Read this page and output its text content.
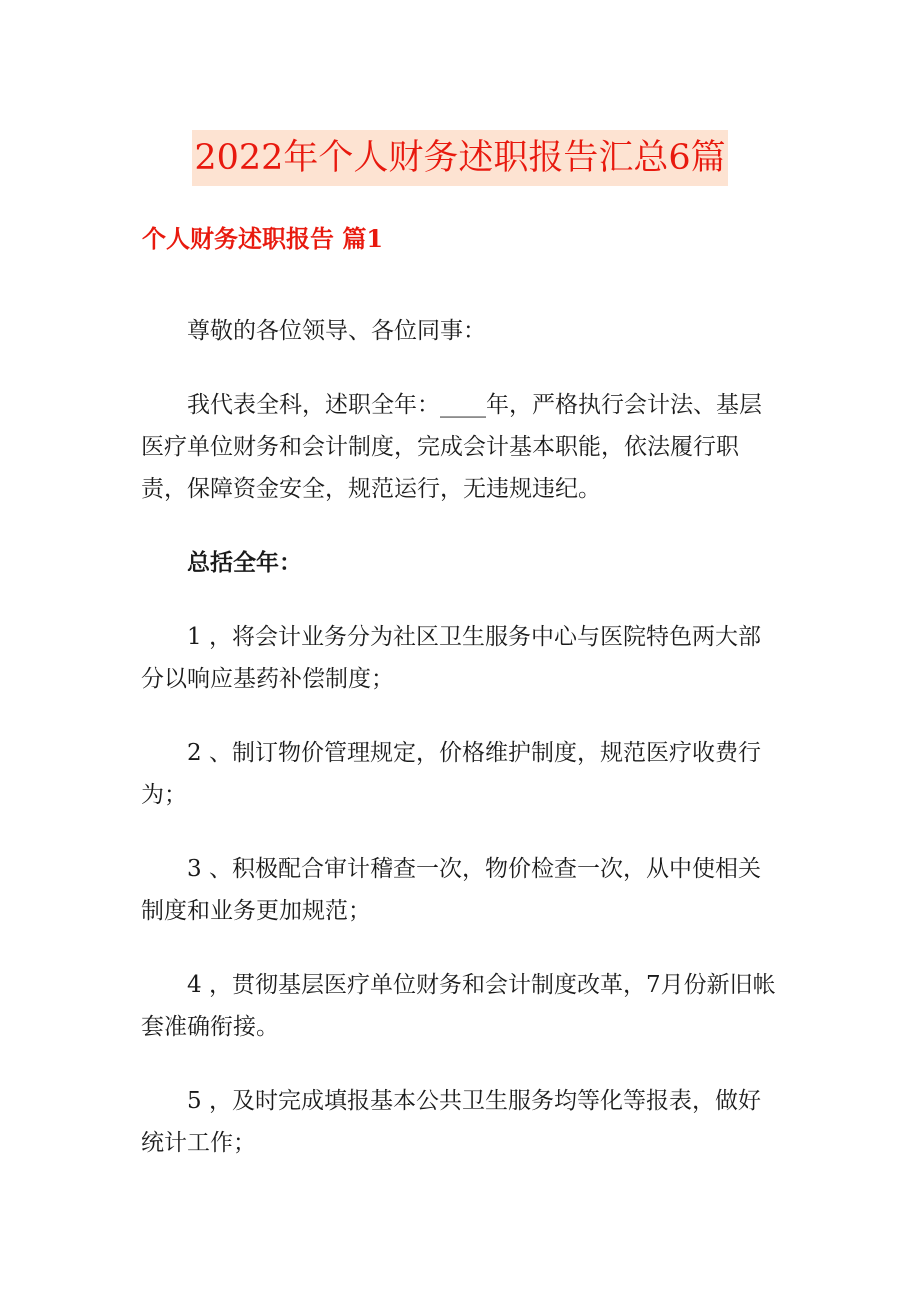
2022年个人财务述职报告汇总6篇
个人财务述职报告 篇1

尊敬的各位领导、各位同事：

我代表全科，述职全年：____年，严格执行会计法、基层医疗单位财务和会计制度，完成会计基本职能，依法履行职责，保障资金安全，规范运行，无违规违纪。

总括全年：

1 ，将会计业务分为社区卫生服务中心与医院特色两大部分以响应基药补偿制度；

2 、制订物价管理规定，价格维护制度，规范医疗收费行为；

3 、积极配合审计稽查一次，物价检查一次，从中使相关制度和业务更加规范；

4 ，贯彻基层医疗单位财务和会计制度改革，7月份新旧帐套准确衔接。

5 ，及时完成填报基本公共卫生服务均等化等报表，做好统计工作；
